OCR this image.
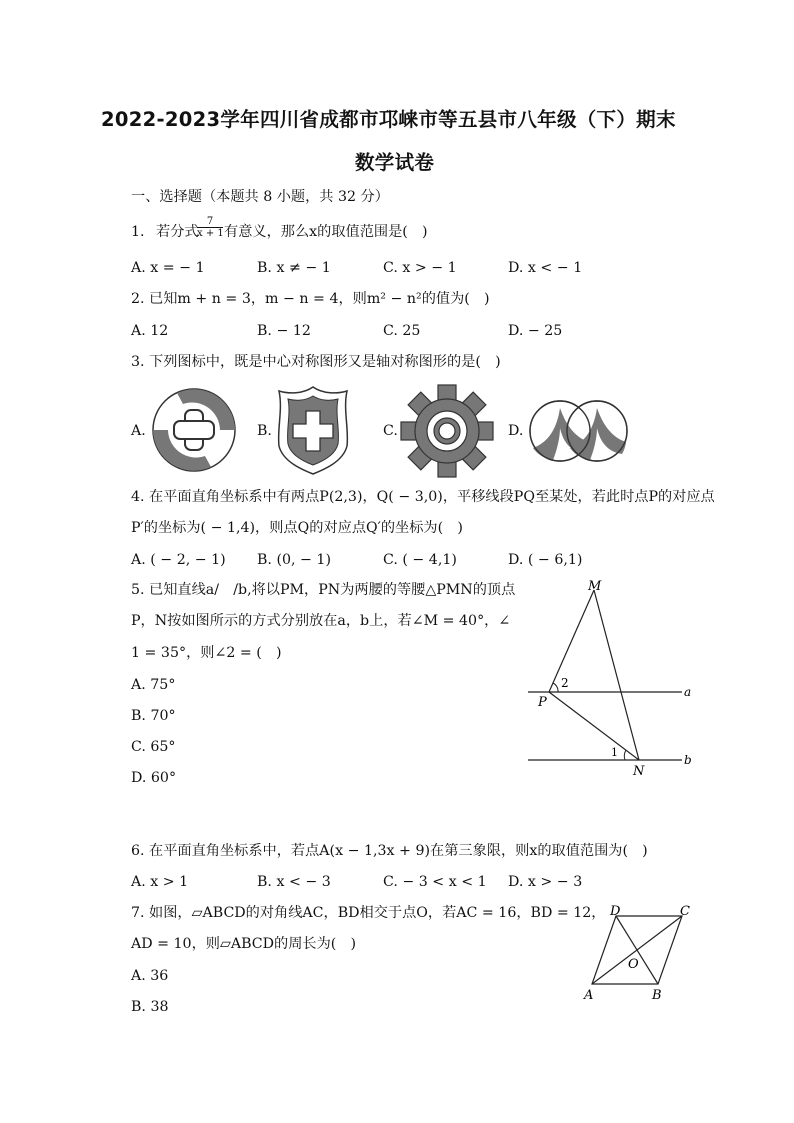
2022-2023学年四川省成都市邛崃市等五县市八年级（下）期末
数学试卷
一、选择题（本题共 8 小题，共 32 分）
1. 若分式
$\frac{7}{x + 1}$ 有意义，那么x的取值范围是(　)
A. x = − 1	B. x ≠ − 1	C. x > − 1	D. x < − 1
2. 已知m + n = 3，m − n = 4，则m² − n²的值为(　)
A. 12	B. − 12	C. 25	D. − 25
3. 下列图标中，既是中心对称图形又是轴对称图形的是(　)
A.	B.	C.	D.
4. 在平面直角坐标系中有两点P(2,3)，Q( − 3,0)，平移线段PQ至某处，若此时点P的对应点
P′的坐标为( − 1,4)，则点Q的对应点Q′的坐标为(　)
A. ( − 2, − 1) B. (0, − 1)	C. ( − 4,1)	D. ( − 6,1)
5. 已知直线a/　/b,将以PM，PN为两腰的等腰△PMN的顶点
P，N按如图所示的方式分别放在a，b上，若∠M = 40°，∠
1 = 35°，则∠2 = (　)
A. 75°
B. 70°
C. 65°
D. 60°
M
P
N
a
b
2
1
6. 在平面直角坐标系中，若点A(x − 1,3x + 9)在第三象限，则x的取值范围为(　)
A. x > 1	B. x < − 3	C. − 3 < x < 1 D. x > − 3
7. 如图，▱ABCD的对角线AC，BD相交于点O，若AC = 16，BD = 12，
AD = 10，则▱ABCD的周长为(　)
A. 36
B. 38
A	B
C
D
O
